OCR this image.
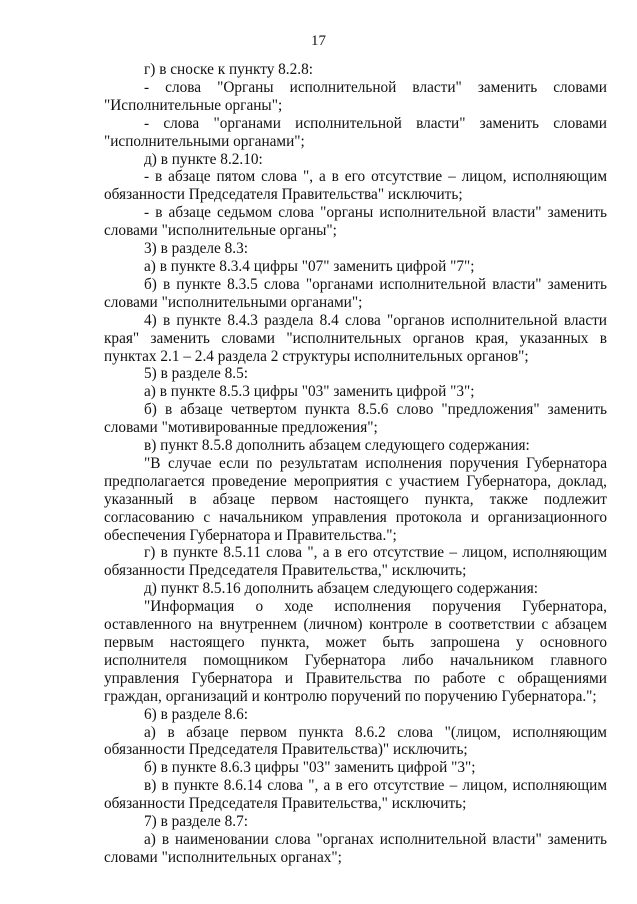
17

г) в сноске к пункту 8.2.8:

- слова "Органы исполнительной власти" заменить словами "Исполнительные органы";

- слова "органами исполнительной власти" заменить словами "исполнительными органами";

д) в пункте 8.2.10:

- в абзаце пятом слова ", а в его отсутствие – лицом, исполняющим обязанности Председателя Правительства" исключить;

- в абзаце седьмом слова "органы исполнительной власти" заменить словами "исполнительные органы";

3) в разделе 8.3:

а) в пункте 8.3.4 цифры "07" заменить цифрой "7";

б) в пункте 8.3.5 слова "органами исполнительной власти" заменить словами "исполнительными органами";

4) в пункте 8.4.3 раздела 8.4 слова "органов исполнительной власти края" заменить словами "исполнительных органов края, указанных в пунктах 2.1 – 2.4 раздела 2 структуры исполнительных органов";

5) в разделе 8.5:

а) в пункте 8.5.3 цифры "03" заменить цифрой "3";

б) в абзаце четвертом пункта 8.5.6 слово "предложения" заменить словами "мотивированные предложения";

в) пункт 8.5.8 дополнить абзацем следующего содержания:

"В случае если по результатам исполнения поручения Губернатора предполагается проведение мероприятия с участием Губернатора, доклад, указанный в абзаце первом настоящего пункта, также подлежит согласованию с начальником управления протокола и организационного обеспечения Губернатора и Правительства.";

г) в пункте 8.5.11 слова ", а в его отсутствие – лицом, исполняющим обязанности Председателя Правительства," исключить;

д) пункт 8.5.16 дополнить абзацем следующего содержания:

"Информация о ходе исполнения поручения Губернатора, оставленного на внутреннем (личном) контроле в соответствии с абзацем первым настоящего пункта, может быть запрошена у основного исполнителя помощником Губернатора либо начальником главного управления Губернатора и Правительства по работе с обращениями граждан, организаций и контролю поручений по поручению Губернатора.";

6) в разделе 8.6:

а) в абзаце первом пункта 8.6.2 слова "(лицом, исполняющим обязанности Председателя Правительства)" исключить;

б) в пункте 8.6.3 цифры "03" заменить цифрой "3";

в) в пункте 8.6.14 слова ", а в его отсутствие – лицом, исполняющим обязанности Председателя Правительства," исключить;

7) в разделе 8.7:

а) в наименовании слова "органах исполнительной власти" заменить словами "исполнительных органах";
